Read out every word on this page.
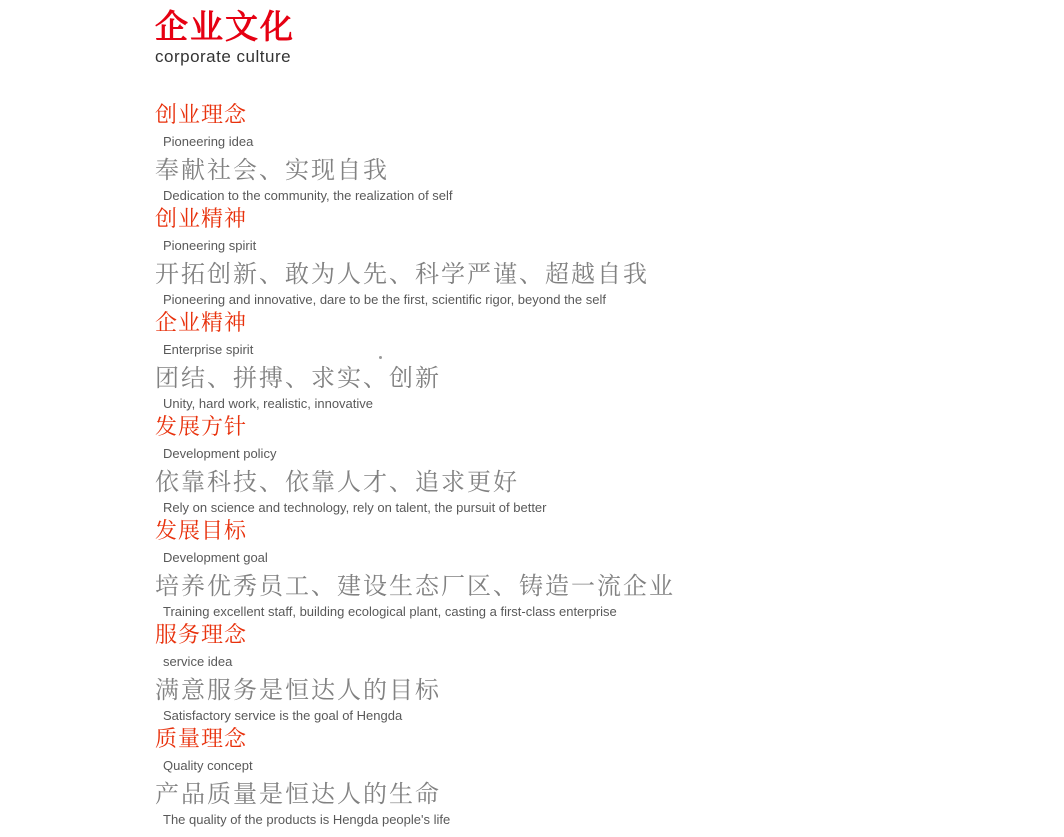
企业文化
corporate culture
创业理念
Pioneering idea
奉献社会、实现自我
Dedication to the community, the realization of self
创业精神
Pioneering spirit
开拓创新、敢为人先、科学严谨、超越自我
Pioneering and innovative, dare to be the first, scientific rigor, beyond the self
企业精神
Enterprise spirit
团结、拼搏、求实、创新
Unity, hard work, realistic, innovative
发展方针
Development policy
依靠科技、依靠人才、追求更好
Rely on science and technology, rely on talent, the pursuit of better
发展目标
Development goal
培养优秀员工、建设生态厂区、铸造一流企业
Training excellent staff, building ecological plant, casting a first-class enterprise
服务理念
service idea
满意服务是恒达人的目标
Satisfactory service is the goal of Hengda
质量理念
Quality concept
产品质量是恒达人的生命
The quality of the products is Hengda people's life
